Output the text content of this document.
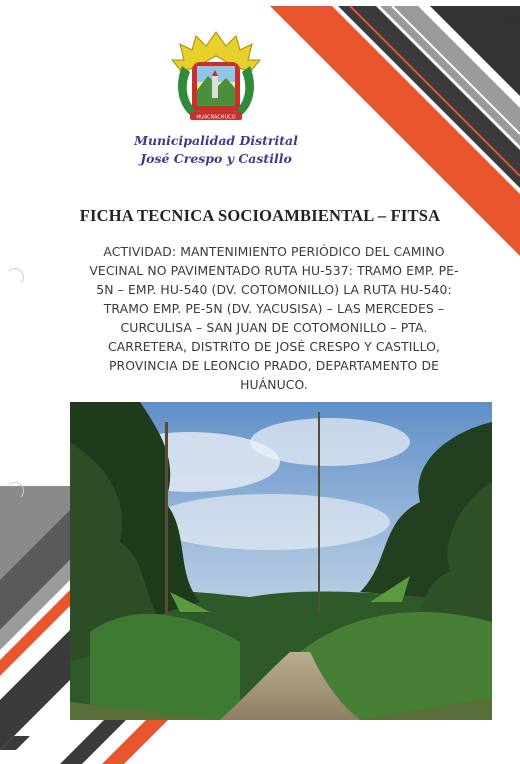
0
HUACRACHUCO
Municipalidad Distrital
José Crespo y Castillo
FICHA TECNICA SOCIOAMBIENTAL – FITSA
ACTIVIDAD: MANTENIMIENTO PERIÓDICO DEL CAMINO VECINAL NO PAVIMENTADO RUTA HU-537: TRAMO EMP. PE-5N – EMP. HU-540 (DV. COTOMONILLO) LA RUTA HU-540: TRAMO EMP. PE-5N (DV. YACUSISA) – LAS MERCEDES – CURCULISA – SAN JUAN DE COTOMONILLO – PTA. CARRETERA, DISTRITO DE JOSÉ CRESPO Y CASTILLO, PROVINCIA DE LEONCIO PRADO, DEPARTAMENTO DE HUÁNUCO.
